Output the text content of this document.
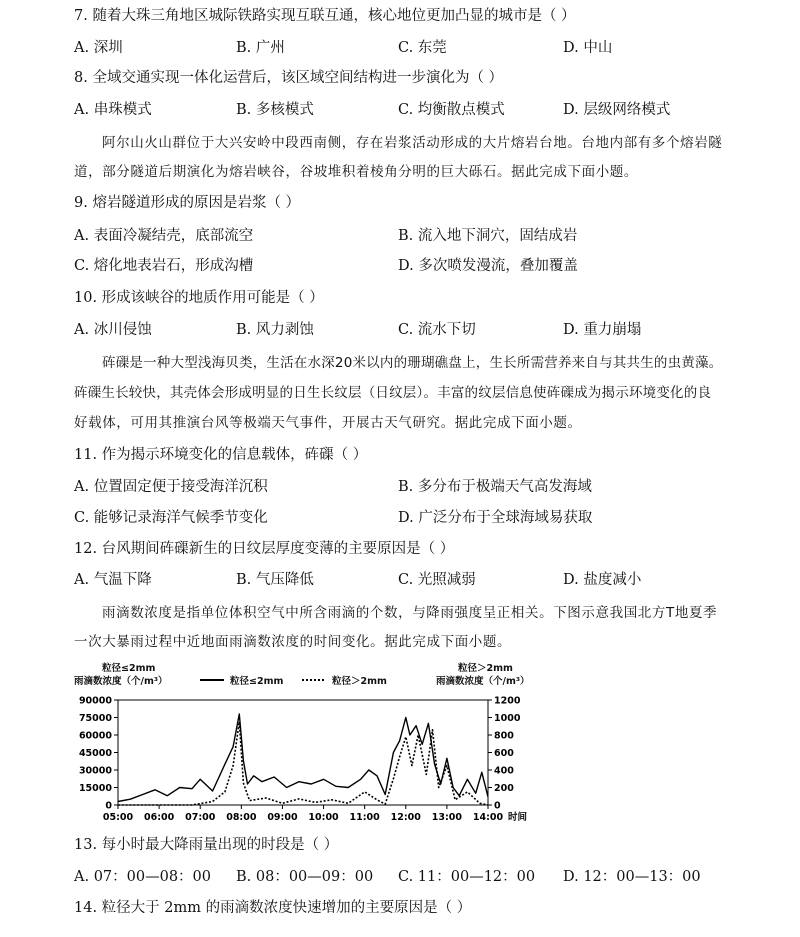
7. 随着大珠三角地区城际铁路实现互联互通，核心地位更加凸显的城市是（ ）
A. 深圳	B. 广州	C. 东莞	D. 中山
8. 全域交通实现一体化运营后，该区域空间结构进一步演化为（ ）
A. 串珠模式	B. 多核模式	C. 均衡散点模式	D. 层级网络模式
阿尔山火山群位于大兴安岭中段西南侧，存在岩浆活动形成的大片熔岩台地。台地内部有多个熔岩隧
道，部分隧道后期演化为熔岩峡谷，谷坡堆积着棱角分明的巨大砾石。据此完成下面小题。
9. 熔岩隧道形成的原因是岩浆（ ）
A. 表面冷凝结壳，底部流空	B. 流入地下洞穴，固结成岩
C. 熔化地表岩石，形成沟槽	D. 多次喷发漫流，叠加覆盖
10. 形成该峡谷的地质作用可能是（ ）
A. 冰川侵蚀	B. 风力剥蚀	C. 流水下切	D. 重力崩塌
砗磲是一种大型浅海贝类，生活在水深20米以内的珊瑚礁盘上，生长所需营养来自与其共生的虫黄藻。
砗磲生长较快，其壳体会形成明显的日生长纹层（日纹层）。丰富的纹层信息使砗磲成为揭示环境变化的良
好载体，可用其推演台风等极端天气事件，开展古天气研究。据此完成下面小题。
11. 作为揭示环境变化的信息载体，砗磲（ ）
A. 位置固定便于接受海洋沉积	B. 多分布于极端天气高发海域
C. 能够记录海洋气候季节变化	D. 广泛分布于全球海域易获取
12. 台风期间砗磲新生的日纹层厚度变薄的主要原因是（ ）
A. 气温下降	B. 气压降低	C. 光照减弱	D. 盐度减小
雨滴数浓度是指单位体积空气中所含雨滴的个数，与降雨强度呈正相关。下图示意我国北方T地夏季
一次大暴雨过程中近地面雨滴数浓度的时间变化。据此完成下面小题。
粒径≤2mm
雨滴数浓度（个/m³）
粒径＞2mm
雨滴数浓度（个/m³）
粒径≤2mm	粒径＞2mm
0
15000
30000
45000
60000
75000
90000
0
200
400
600
800
1000
1200
05:00 06:00 07:00 08:00 09:00 10:00 11:00 12:00 13:00 14:00 时间
13. 每小时最大降雨量出现的时段是（ ）
A. 07：00—08：00 B. 08：00—09：00 C. 11：00—12：00 D. 12：00—13：00
14. 粒径大于 2mm 的雨滴数浓度快速增加的主要原因是（ ）
